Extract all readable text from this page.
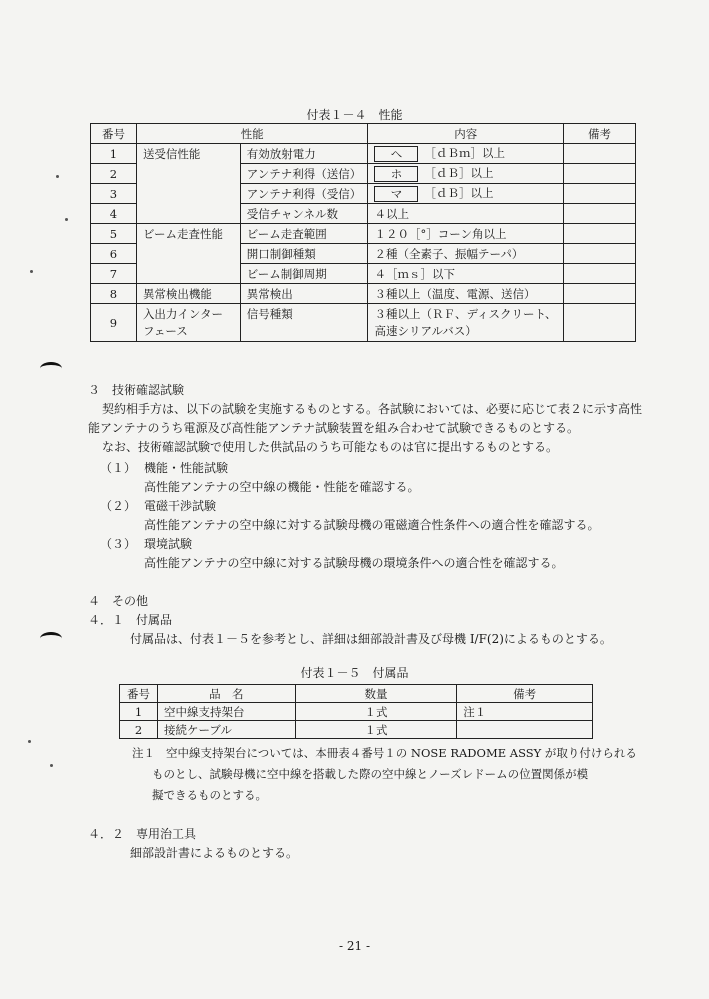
付表１－４　性能
番号	性能		内容	備考
1	送受信性能	有効放射電力	へ ［ｄＢｍ］以上	
2		アンテナ利得（送信）	ホ ［ｄＢ］以上	
3		アンテナ利得（受信）	マ ［ｄＢ］以上	
4		受信チャンネル数	４以上	
5	ビーム走査性能	ビーム走査範囲	１２０［°］コーン角以上	
6		開口制御種類	２種（全素子、振幅テーパ）	
7		ビーム制御周期	４［ｍｓ］以下	
8	異常検出機能	異常検出	３種以上（温度、電源、送信）	
9	入出力インターフェース	信号種類	３種以上（ＲＦ、ディスクリート、高速シリアルバス）	
３　技術確認試験
契約相手方は、以下の試験を実施するものとする。各試験においては、必要に応じて表２に示す高性
能アンテナのうち電源及び高性能アンテナ試験装置を組み合わせて試験できるものとする。
なお、技術確認試験で使用した供試品のうち可能なものは官に提出するものとする。
（１） 機能・性能試験
高性能アンテナの空中線の機能・性能を確認する。
（２） 電磁干渉試験
高性能アンテナの空中線に対する試験母機の電磁適合性条件への適合性を確認する。
（３） 環境試験
高性能アンテナの空中線に対する試験母機の環境条件への適合性を確認する。
４　その他
４．１　付属品
付属品は、付表１－５を参考とし、詳細は細部設計書及び母機 I/F(2)によるものとする。
付表１－５　付属品
番号	品　名	数量	備考
1	空中線支持架台	１式	注１
2	接続ケーブル	１式	
注１ 空中線支持架台については、本冊表４番号１の NOSE RADOME ASSY が取り付けられる
ものとし、試験母機に空中線を搭載した際の空中線とノーズレドームの位置関係が模
擬できるものとする。
４．２　専用治工具
細部設計書によるものとする。
- 21 -
